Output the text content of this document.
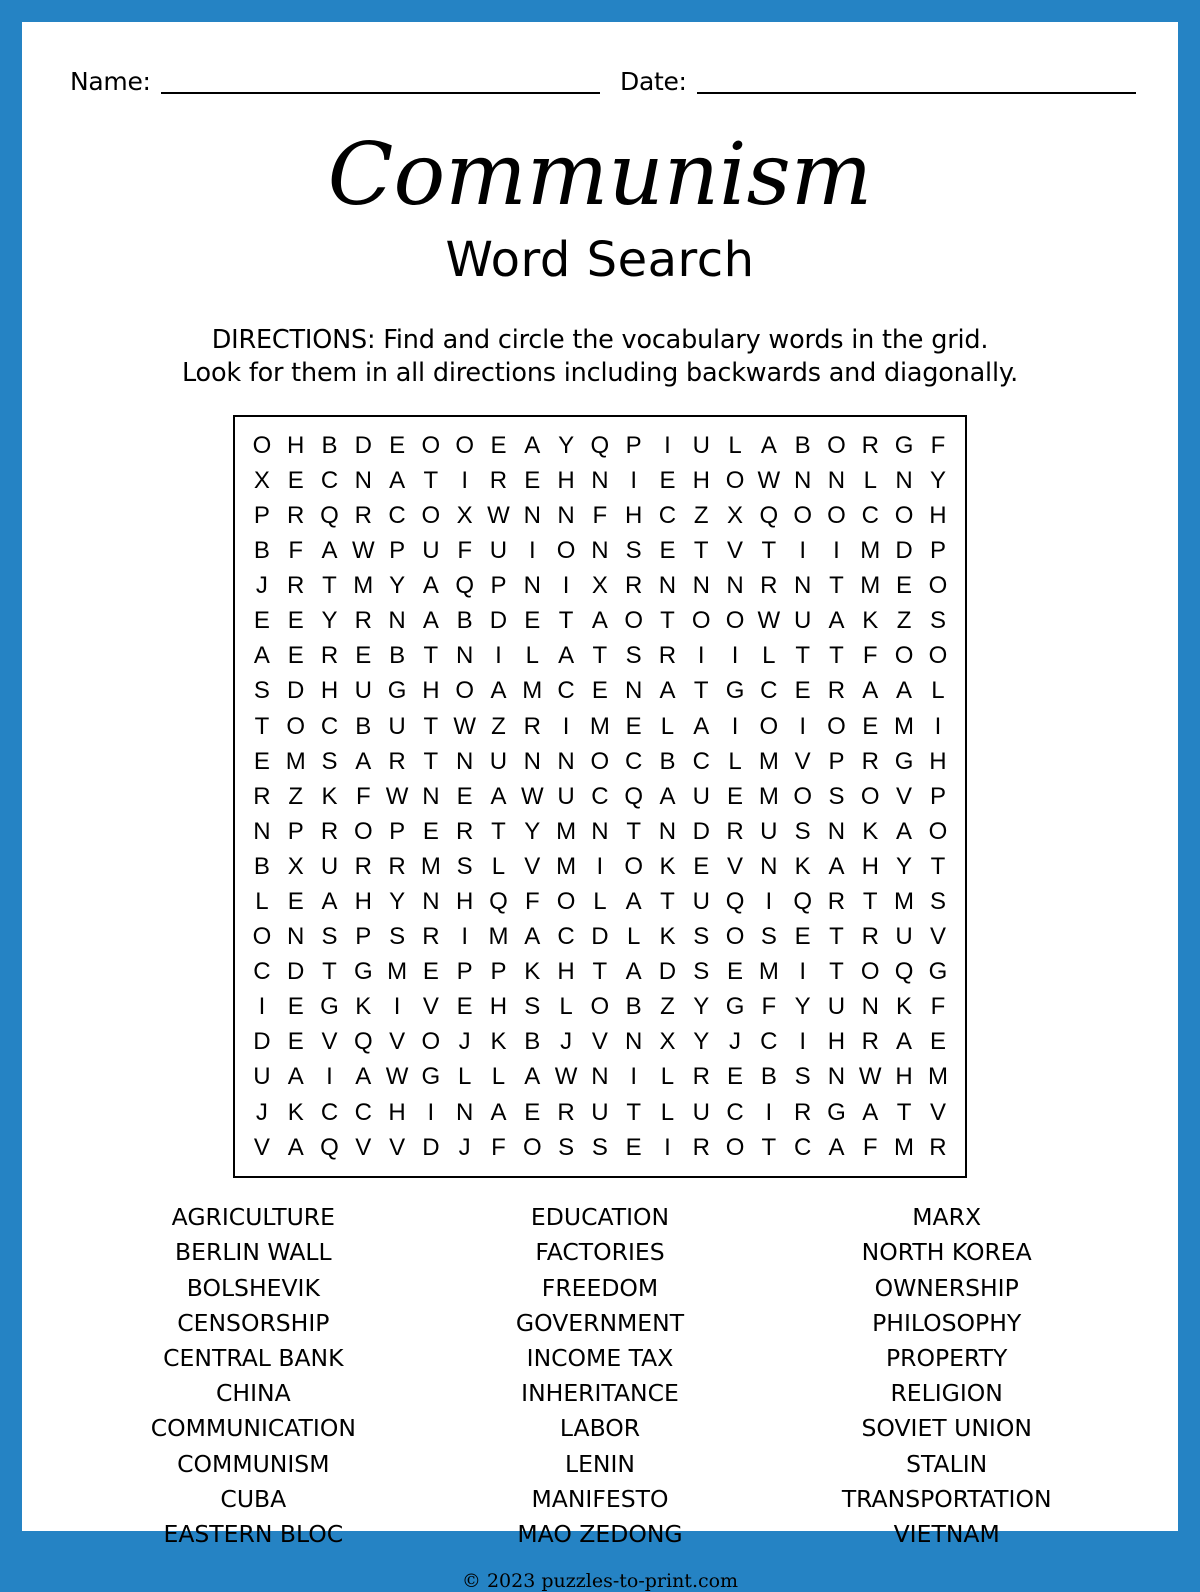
Name:	Date:
Communism
Word Search
DIRECTIONS: Find and circle the vocabulary words in the grid.
Look for them in all directions including backwards and diagonally.
O	H	B	D	E	O	O	E	A	Y	Q	P	I	U	L	A	B	O	R	G	F
X	E	C	N	A	T	I	R	E	H	N	I	E	H	O	W	N	N	L	N	Y
P	R	Q	R	C	O	X	W	N	N	F	H	C	Z	X	Q	O	O	C	O	H
B	F	A	W	P	U	F	U	I	O	N	S	E	T	V	T	I	I	M	D	P
J	R	T	M	Y	A	Q	P	N	I	X	R	N	N	N	R	N	T	M	E	O
E	E	Y	R	N	A	B	D	E	T	A	O	T	O	O	W	U	A	K	Z	S
A	E	R	E	B	T	N	I	L	A	T	S	R	I	I	L	T	T	F	O	O
S	D	H	U	G	H	O	A	M	C	E	N	A	T	G	C	E	R	A	A	L
T	O	C	B	U	T	W	Z	R	I	M	E	L	A	I	O	I	O	E	M	I
E	M	S	A	R	T	N	U	N	N	O	C	B	C	L	M	V	P	R	G	H
R	Z	K	F	W	N	E	A	W	U	C	Q	A	U	E	M	O	S	O	V	P
N	P	R	O	P	E	R	T	Y	M	N	T	N	D	R	U	S	N	K	A	O
B	X	U	R	R	M	S	L	V	M	I	O	K	E	V	N	K	A	H	Y	T
L	E	A	H	Y	N	H	Q	F	O	L	A	T	U	Q	I	Q	R	T	M	S
O	N	S	P	S	R	I	M	A	C	D	L	K	S	O	S	E	T	R	U	V
C	D	T	G	M	E	P	P	K	H	T	A	D	S	E	M	I	T	O	Q	G
I	E	G	K	I	V	E	H	S	L	O	B	Z	Y	G	F	Y	U	N	K	F
D	E	V	Q	V	O	J	K	B	J	V	N	X	Y	J	C	I	H	R	A	E
U	A	I	A	W	G	L	L	A	W	N	I	L	R	E	B	S	N	W	H	M
J	K	C	C	H	I	N	A	E	R	U	T	L	U	C	I	R	G	A	T	V
V	A	Q	V	V	D	J	F	O	S	S	E	I	R	O	T	C	A	F	M	R
AGRICULTURE
BERLIN WALL
BOLSHEVIK
CENSORSHIP
CENTRAL BANK
CHINA
COMMUNICATION
COMMUNISM
CUBA
EASTERN BLOC
EDUCATION
FACTORIES
FREEDOM
GOVERNMENT
INCOME TAX
INHERITANCE
LABOR
LENIN
MANIFESTO
MAO ZEDONG
MARX
NORTH KOREA
OWNERSHIP
PHILOSOPHY
PROPERTY
RELIGION
SOVIET UNION
STALIN
TRANSPORTATION
VIETNAM
© 2023 puzzles-to-print.com
